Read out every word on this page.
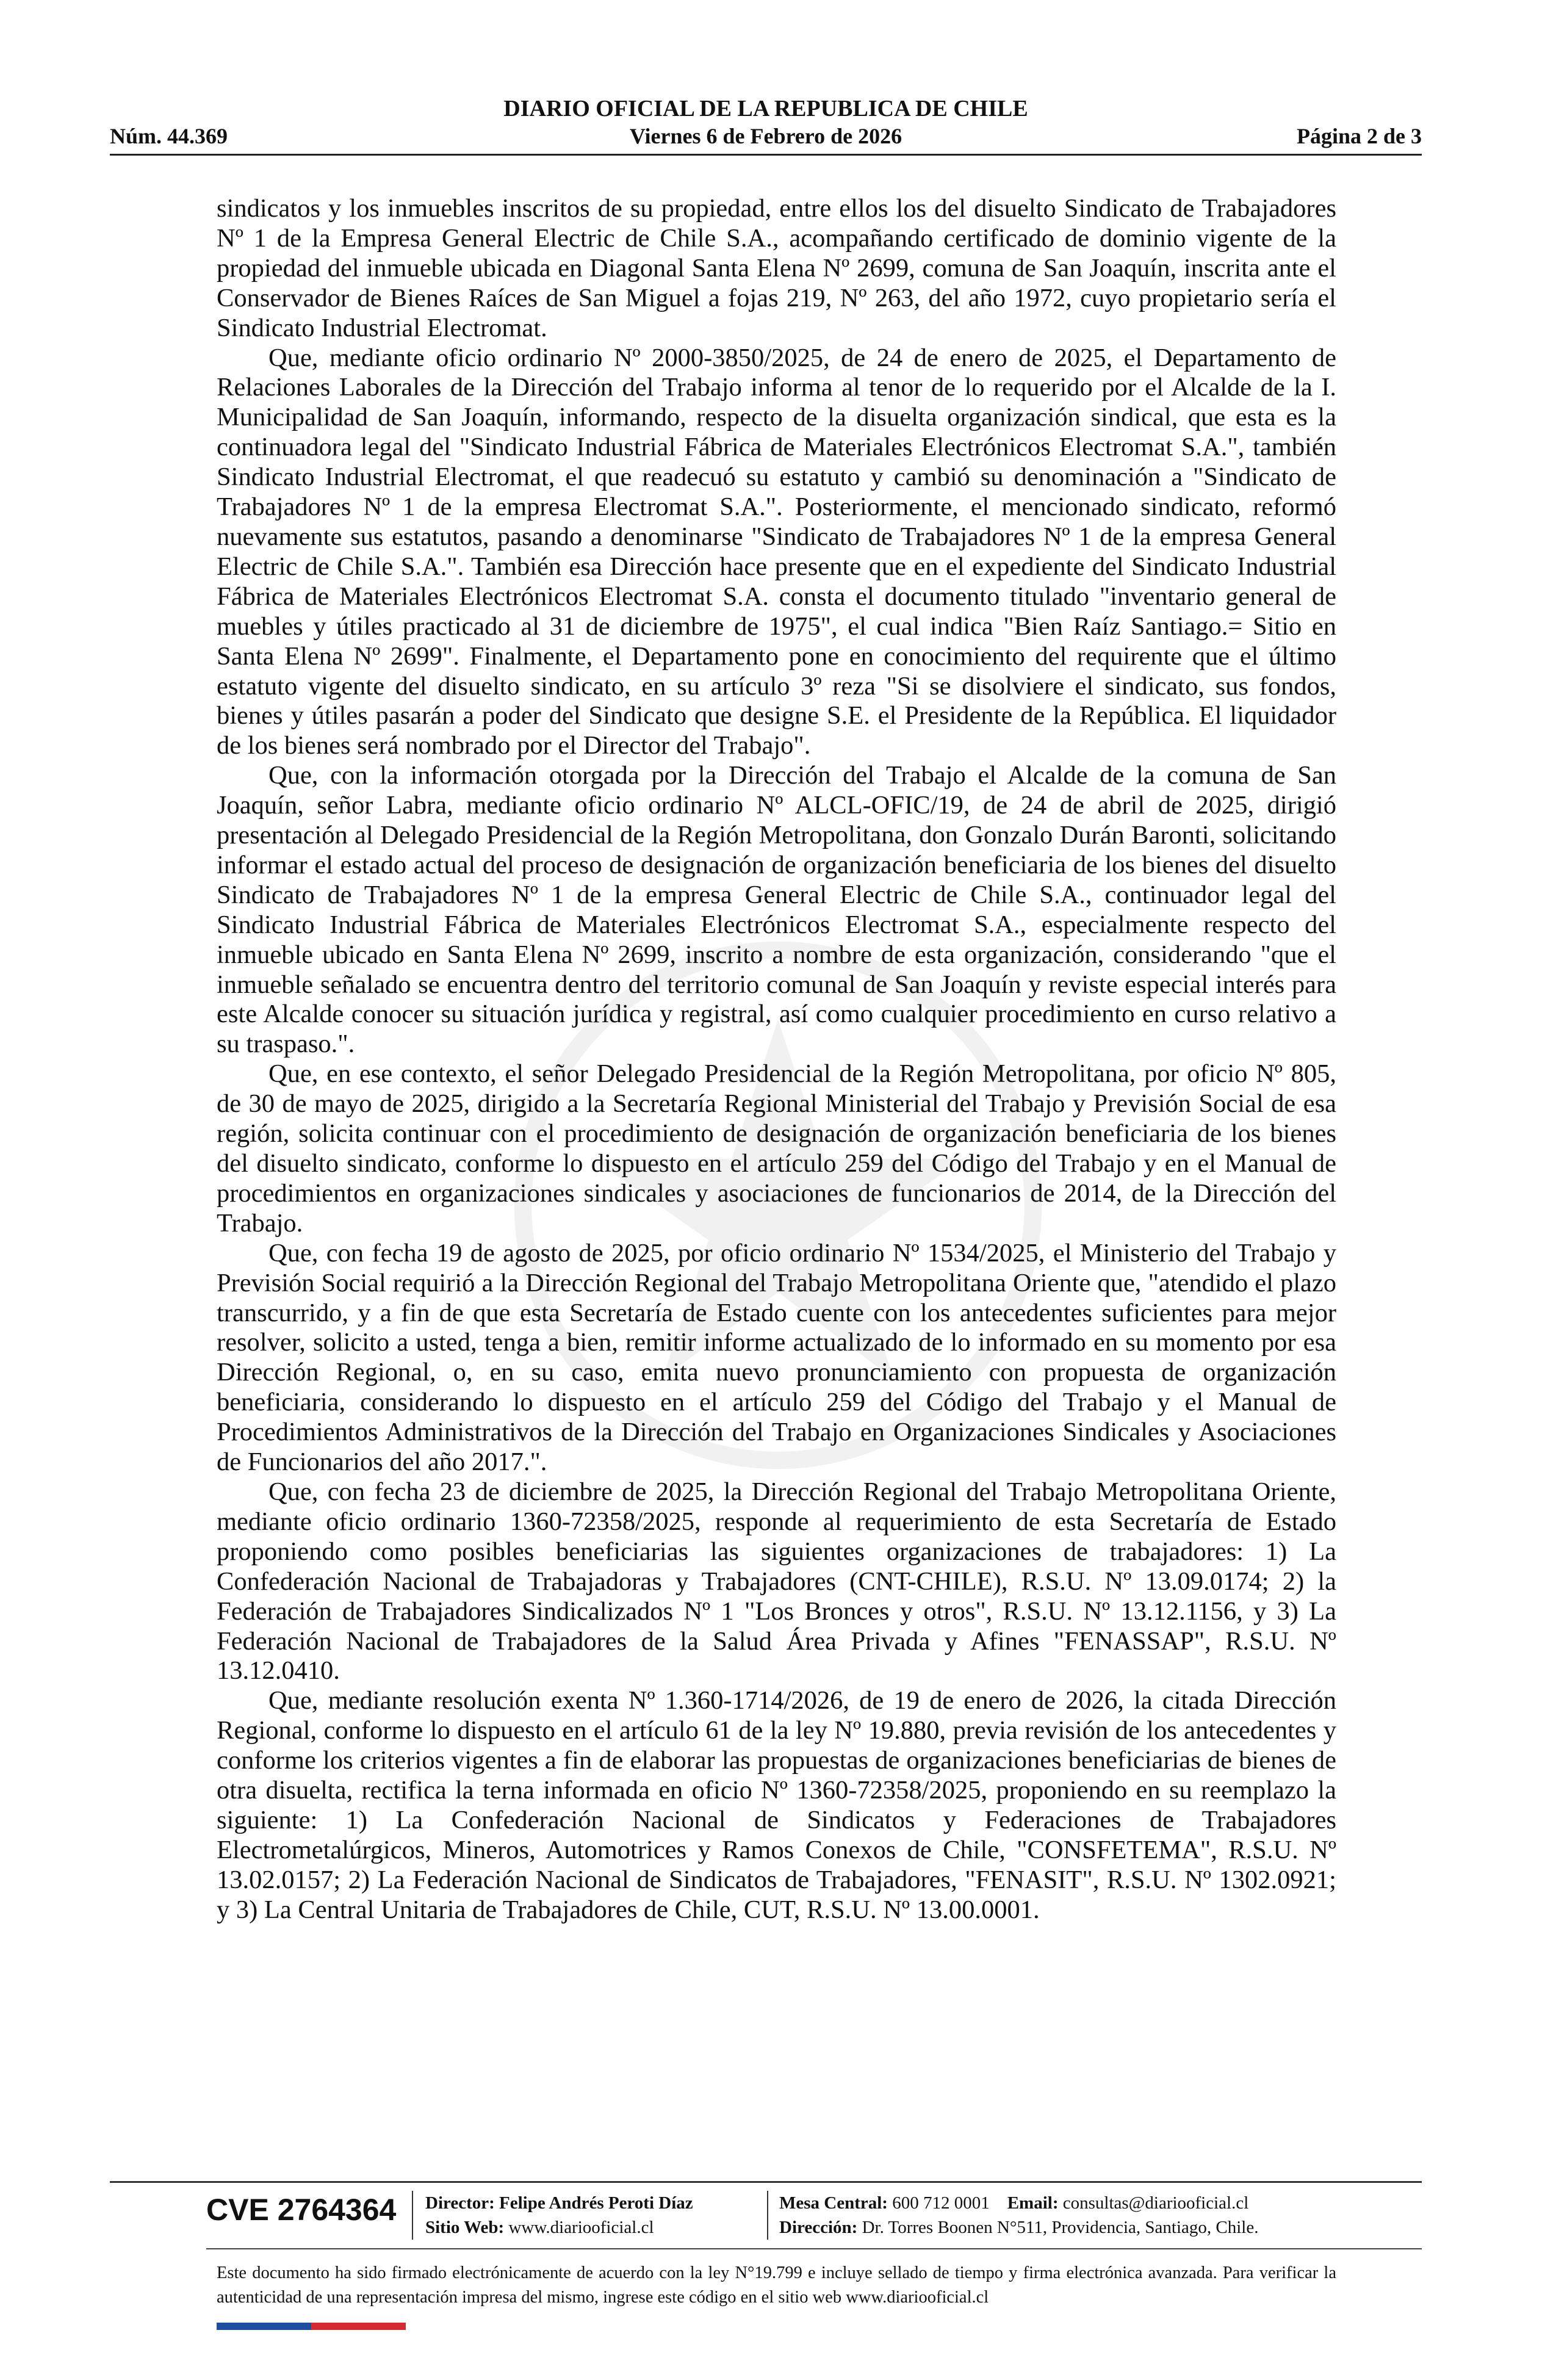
DIARIO OFICIAL DE LA REPUBLICA DE CHILE
Núm. 44.369	Viernes 6 de Febrero de 2026	Página 2 de 3

sindicatos y los inmuebles inscritos de su propiedad, entre ellos los del disuelto Sindicato de Trabajadores Nº 1 de la Empresa General Electric de Chile S.A., acompañando certificado de dominio vigente de la propiedad del inmueble ubicada en Diagonal Santa Elena Nº 2699, comuna de San Joaquín, inscrita ante el Conservador de Bienes Raíces de San Miguel a fojas 219, Nº 263, del año 1972, cuyo propietario sería el Sindicato Industrial Electromat.

Que, mediante oficio ordinario Nº 2000-3850/2025, de 24 de enero de 2025, el Departamento de Relaciones Laborales de la Dirección del Trabajo informa al tenor de lo requerido por el Alcalde de la I. Municipalidad de San Joaquín, informando, respecto de la disuelta organización sindical, que esta es la continuadora legal del "Sindicato Industrial Fábrica de Materiales Electrónicos Electromat S.A.", también Sindicato Industrial Electromat, el que readecuó su estatuto y cambió su denominación a "Sindicato de Trabajadores Nº 1 de la empresa Electromat S.A.". Posteriormente, el mencionado sindicato, reformó nuevamente sus estatutos, pasando a denominarse "Sindicato de Trabajadores Nº 1 de la empresa General Electric de Chile S.A.". También esa Dirección hace presente que en el expediente del Sindicato Industrial Fábrica de Materiales Electrónicos Electromat S.A. consta el documento titulado "inventario general de muebles y útiles practicado al 31 de diciembre de 1975", el cual indica "Bien Raíz Santiago.= Sitio en Santa Elena Nº 2699". Finalmente, el Departamento pone en conocimiento del requirente que el último estatuto vigente del disuelto sindicato, en su artículo 3º reza "Si se disolviere el sindicato, sus fondos, bienes y útiles pasarán a poder del Sindicato que designe S.E. el Presidente de la República. El liquidador de los bienes será nombrado por el Director del Trabajo".

Que, con la información otorgada por la Dirección del Trabajo el Alcalde de la comuna de San Joaquín, señor Labra, mediante oficio ordinario Nº ALCL-OFIC/19, de 24 de abril de 2025, dirigió presentación al Delegado Presidencial de la Región Metropolitana, don Gonzalo Durán Baronti, solicitando informar el estado actual del proceso de designación de organización beneficiaria de los bienes del disuelto Sindicato de Trabajadores Nº 1 de la empresa General Electric de Chile S.A., continuador legal del Sindicato Industrial Fábrica de Materiales Electrónicos Electromat S.A., especialmente respecto del inmueble ubicado en Santa Elena Nº 2699, inscrito a nombre de esta organización, considerando "que el inmueble señalado se encuentra dentro del territorio comunal de San Joaquín y reviste especial interés para este Alcalde conocer su situación jurídica y registral, así como cualquier procedimiento en curso relativo a su traspaso.".

Que, en ese contexto, el señor Delegado Presidencial de la Región Metropolitana, por oficio Nº 805, de 30 de mayo de 2025, dirigido a la Secretaría Regional Ministerial del Trabajo y Previsión Social de esa región, solicita continuar con el procedimiento de designación de organización beneficiaria de los bienes del disuelto sindicato, conforme lo dispuesto en el artículo 259 del Código del Trabajo y en el Manual de procedimientos en organizaciones sindicales y asociaciones de funcionarios de 2014, de la Dirección del Trabajo.

Que, con fecha 19 de agosto de 2025, por oficio ordinario Nº 1534/2025, el Ministerio del Trabajo y Previsión Social requirió a la Dirección Regional del Trabajo Metropolitana Oriente que, "atendido el plazo transcurrido, y a fin de que esta Secretaría de Estado cuente con los antecedentes suficientes para mejor resolver, solicito a usted, tenga a bien, remitir informe actualizado de lo informado en su momento por esa Dirección Regional, o, en su caso, emita nuevo pronunciamiento con propuesta de organización beneficiaria, considerando lo dispuesto en el artículo 259 del Código del Trabajo y el Manual de Procedimientos Administrativos de la Dirección del Trabajo en Organizaciones Sindicales y Asociaciones de Funcionarios del año 2017.".

Que, con fecha 23 de diciembre de 2025, la Dirección Regional del Trabajo Metropolitana Oriente, mediante oficio ordinario 1360-72358/2025, responde al requerimiento de esta Secretaría de Estado proponiendo como posibles beneficiarias las siguientes organizaciones de trabajadores: 1) La Confederación Nacional de Trabajadoras y Trabajadores (CNT-CHILE), R.S.U. Nº 13.09.0174; 2) la Federación de Trabajadores Sindicalizados Nº 1 "Los Bronces y otros", R.S.U. Nº 13.12.1156, y 3) La Federación Nacional de Trabajadores de la Salud Área Privada y Afines "FENASSAP", R.S.U. Nº 13.12.0410.

Que, mediante resolución exenta Nº 1.360-1714/2026, de 19 de enero de 2026, la citada Dirección Regional, conforme lo dispuesto en el artículo 61 de la ley Nº 19.880, previa revisión de los antecedentes y conforme los criterios vigentes a fin de elaborar las propuestas de organizaciones beneficiarias de bienes de otra disuelta, rectifica la terna informada en oficio Nº 1360-72358/2025, proponiendo en su reemplazo la siguiente: 1) La Confederación Nacional de Sindicatos y Federaciones de Trabajadores Electrometalúrgicos, Mineros, Automotrices y Ramos Conexos de Chile, "CONSFETEMA", R.S.U. Nº 13.02.0157; 2) La Federación Nacional de Sindicatos de Trabajadores, "FENASIT", R.S.U. Nº 1302.0921; y 3) La Central Unitaria de Trabajadores de Chile, CUT, R.S.U. Nº 13.00.0001.

CVE 2764364 Director: Felipe Andrés Peroti Díaz
Sitio Web: www.diariooficial.cl
Mesa Central: 600 712 0001 Email: consultas@diariooficial.cl
Dirección: Dr. Torres Boonen N°511, Providencia, Santiago, Chile.
Este documento ha sido firmado electrónicamente de acuerdo con la ley N°19.799 e incluye sellado de tiempo y firma electrónica avanzada. Para verificar la autenticidad de una representación impresa del mismo, ingrese este código en el sitio web www.diariooficial.cl
